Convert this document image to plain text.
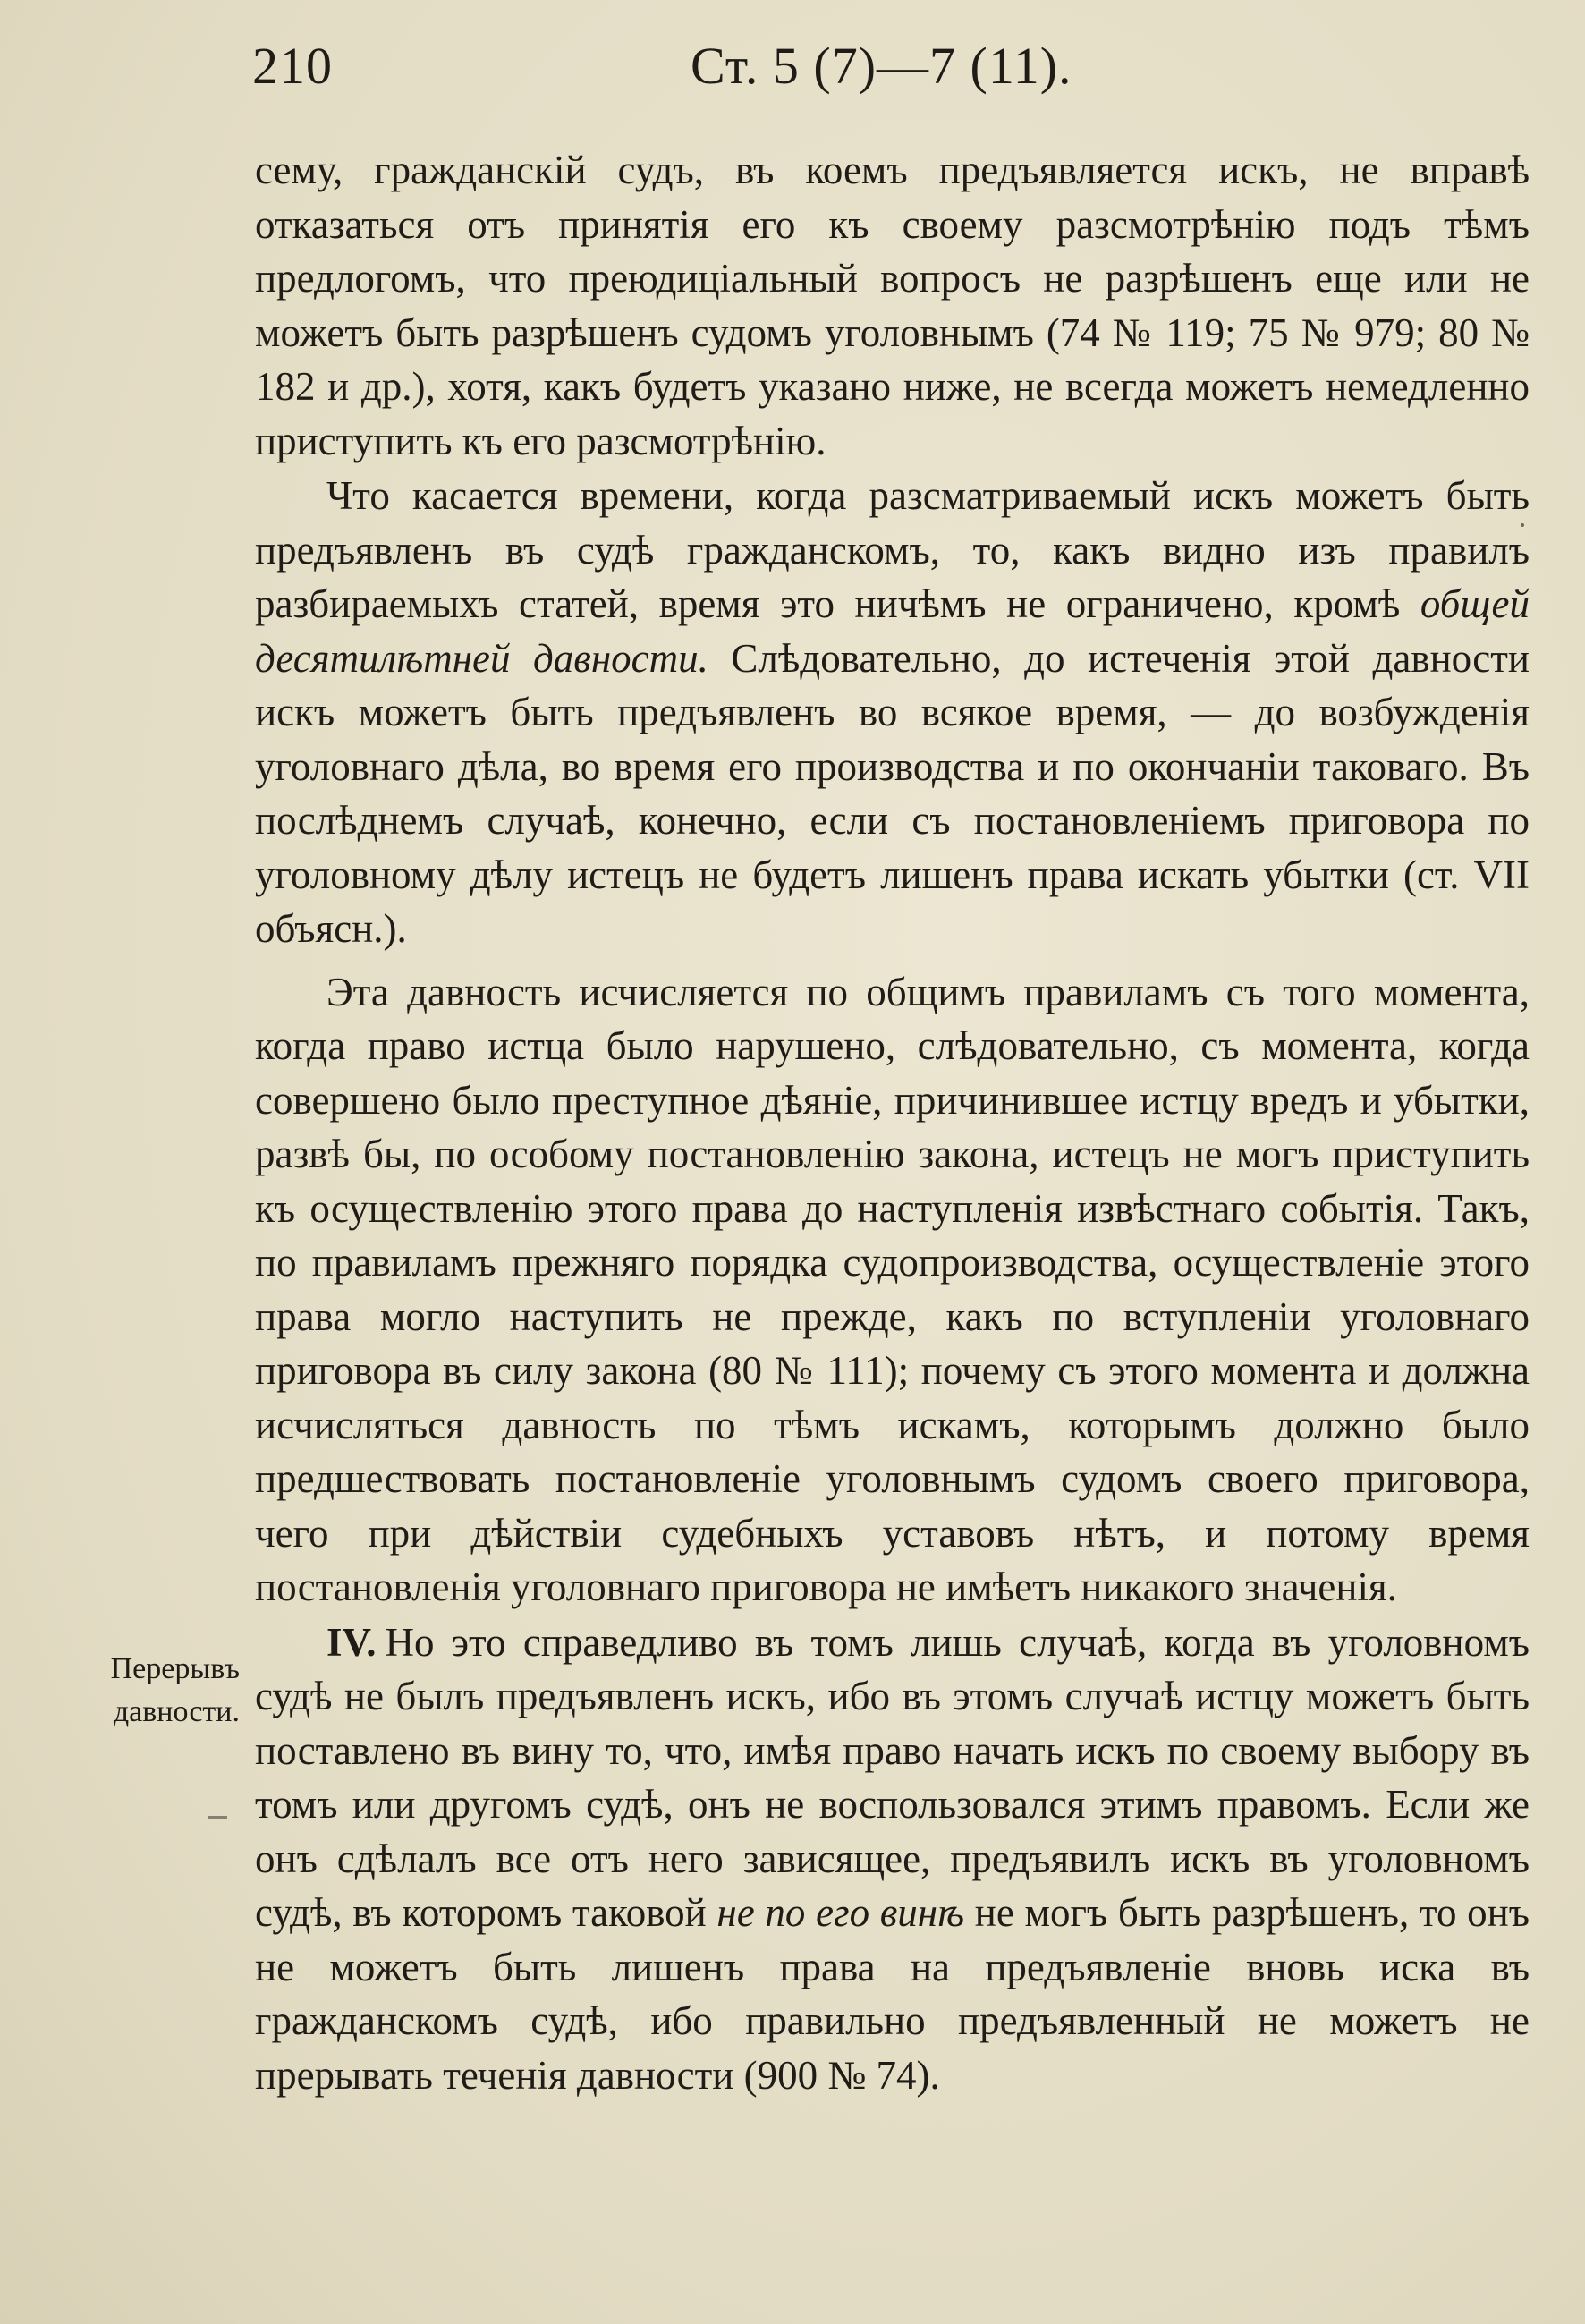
210	Ст. 5 (7)—7 (11).

сему, гражданскій судъ, въ коемъ предъявляется искъ, не вправѣ отказаться отъ принятія его къ своему разсмотрѣнію подъ тѣмъ предлогомъ, что преюдиціальный вопросъ не разрѣшенъ еще или не можетъ быть разрѣшенъ судомъ уголовнымъ (74 № 119; 75 № 979; 80 № 182 и др.), хотя, какъ будетъ указано ниже, не всегда можетъ немедленно приступить къ его разсмотрѣнію.

Что касается времени, когда разсматриваемый искъ можетъ быть предъявленъ въ судѣ гражданскомъ, то, какъ видно изъ правилъ разбираемыхъ статей, время это ничѣмъ не ограничено, кромѣ общей десятилѣтней давности. Слѣдовательно, до истеченія этой давности искъ можетъ быть предъявленъ во всякое время, — до возбужденія уголовнаго дѣла, во время его производства и по окончаніи таковаго. Въ послѣднемъ случаѣ, конечно, если съ постановленіемъ приговора по уголовному дѣлу истецъ не будетъ лишенъ права искать убытки (ст. VII объясн.).

Эта давность исчисляется по общимъ правиламъ съ того момента, когда право истца было нарушено, слѣдовательно, съ момента, когда совершено было преступное дѣяніе, причинившее истцу вредъ и убытки, развѣ бы, по особому постановленію закона, истецъ не могъ приступить къ осуществленію этого права до наступленія извѣстнаго событія. Такъ, по правиламъ прежняго порядка судопроизводства, осуществленіе этого права могло наступить не прежде, какъ по вступленіи уголовнаго приговора въ силу закона (80 № 111); почему съ этого момента и должна исчисляться давность по тѣмъ искамъ, которымъ должно было предшествовать постановленіе уголовнымъ судомъ своего приговора, чего при дѣйствіи судебныхъ уставовъ нѣтъ, и потому время постановленія уголовнаго приговора не имѣетъ никакого значенія.

IV. Но это справедливо въ томъ лишь случаѣ, когда въ уголовномъ судѣ не былъ предъявленъ искъ, ибо въ этомъ случаѣ истцу можетъ быть поставлено въ вину то, что, имѣя право начать искъ по своему выбору въ томъ или другомъ судѣ, онъ не воспользовался этимъ правомъ. Если же онъ сдѣлалъ все отъ него зависящее, предъявилъ искъ въ уголовномъ судѣ, въ которомъ таковой не по его винѣ не могъ быть разрѣшенъ, то онъ не можетъ быть лишенъ права на предъявленіе вновь иска въ гражданскомъ судѣ, ибо правильно предъявленный не можетъ не прерывать теченія давности (900 № 74).

Перерывъ
давности.
